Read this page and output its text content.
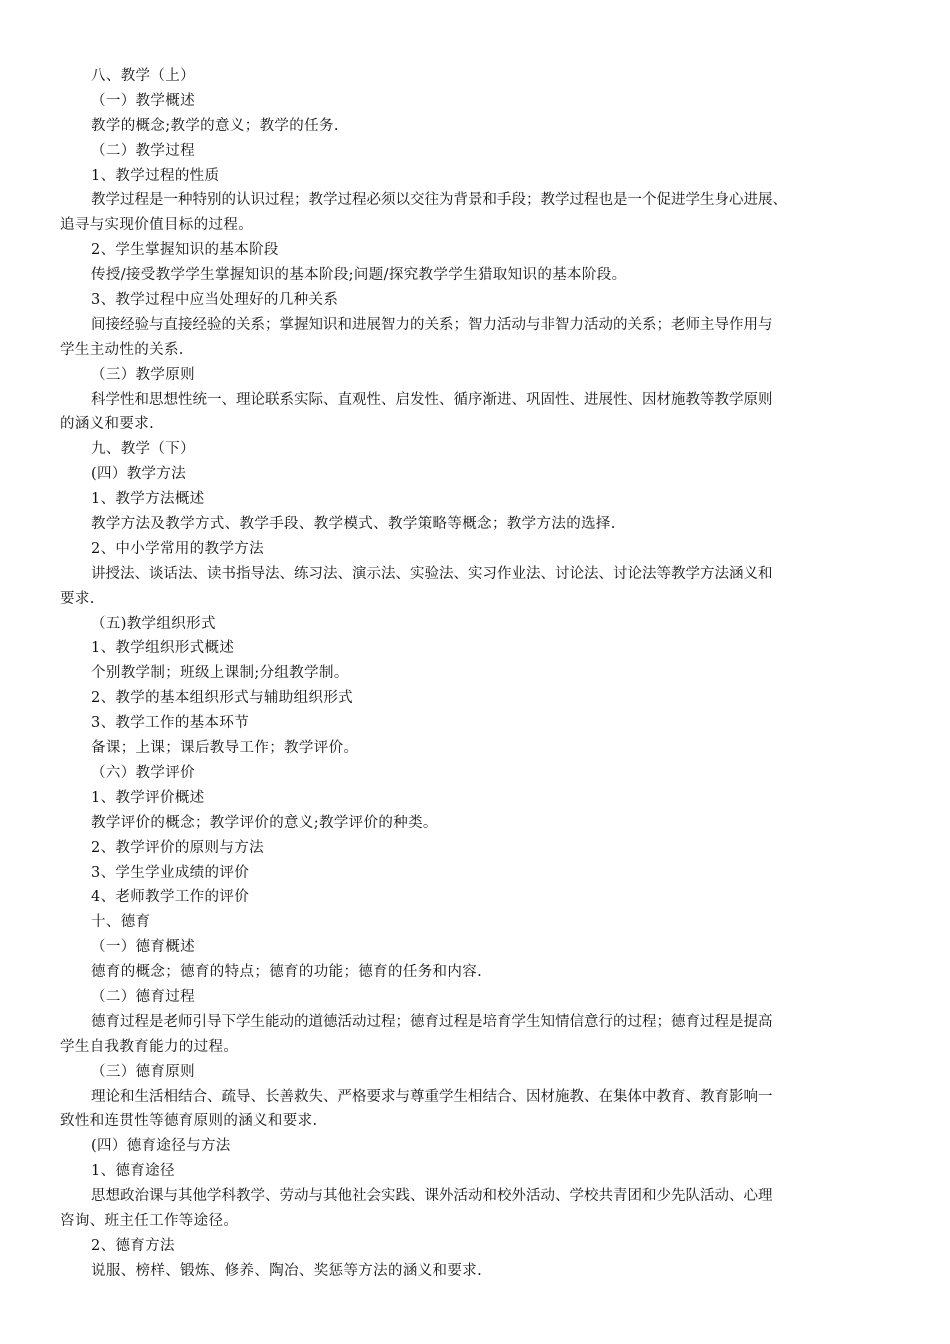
八、教学（上）
（一）教学概述
教学的概念;教学的意义；教学的任务.
（二）教学过程
1、教学过程的性质
教学过程是一种特别的认识过程；教学过程必须以交往为背景和手段；教学过程也是一个促进学生身心进展、
追寻与实现价值目标的过程。
2、学生掌握知识的基本阶段
传授/接受教学学生掌握知识的基本阶段;问题/探究教学学生猎取知识的基本阶段。
3、教学过程中应当处理好的几种关系
间接经验与直接经验的关系；掌握知识和进展智力的关系；智力活动与非智力活动的关系；老师主导作用与
学生主动性的关系.
（三）教学原则
科学性和思想性统一、理论联系实际、直观性、启发性、循序渐进、巩固性、进展性、因材施教等教学原则
的涵义和要求.
九、教学（下）
(四）教学方法
1、教学方法概述
教学方法及教学方式、教学手段、教学模式、教学策略等概念；教学方法的选择.
2、中小学常用的教学方法
讲授法、谈话法、读书指导法、练习法、演示法、实验法、实习作业法、讨论法、讨论法等教学方法涵义和
要求.
（五)教学组织形式
1、教学组织形式概述
个别教学制；班级上课制;分组教学制。
2、教学的基本组织形式与辅助组织形式
3、教学工作的基本环节
备课；上课；课后教导工作；教学评价。
（六）教学评价
1、教学评价概述
教学评价的概念；教学评价的意义;教学评价的种类。
2、教学评价的原则与方法
3、学生学业成绩的评价
4、老师教学工作的评价
十、德育
（一）德育概述
德育的概念；德育的特点；德育的功能；德育的任务和内容.
（二）德育过程
德育过程是老师引导下学生能动的道德活动过程；德育过程是培育学生知情信意行的过程；德育过程是提高
学生自我教育能力的过程。
（三）德育原则
理论和生活相结合、疏导、长善救失、严格要求与尊重学生相结合、因材施教、在集体中教育、教育影响一
致性和连贯性等德育原则的涵义和要求.
(四）德育途径与方法
1、德育途径
思想政治课与其他学科教学、劳动与其他社会实践、课外活动和校外活动、学校共青团和少先队活动、心理
咨询、班主任工作等途径。
2、德育方法
说服、榜样、锻炼、修养、陶冶、奖惩等方法的涵义和要求.
